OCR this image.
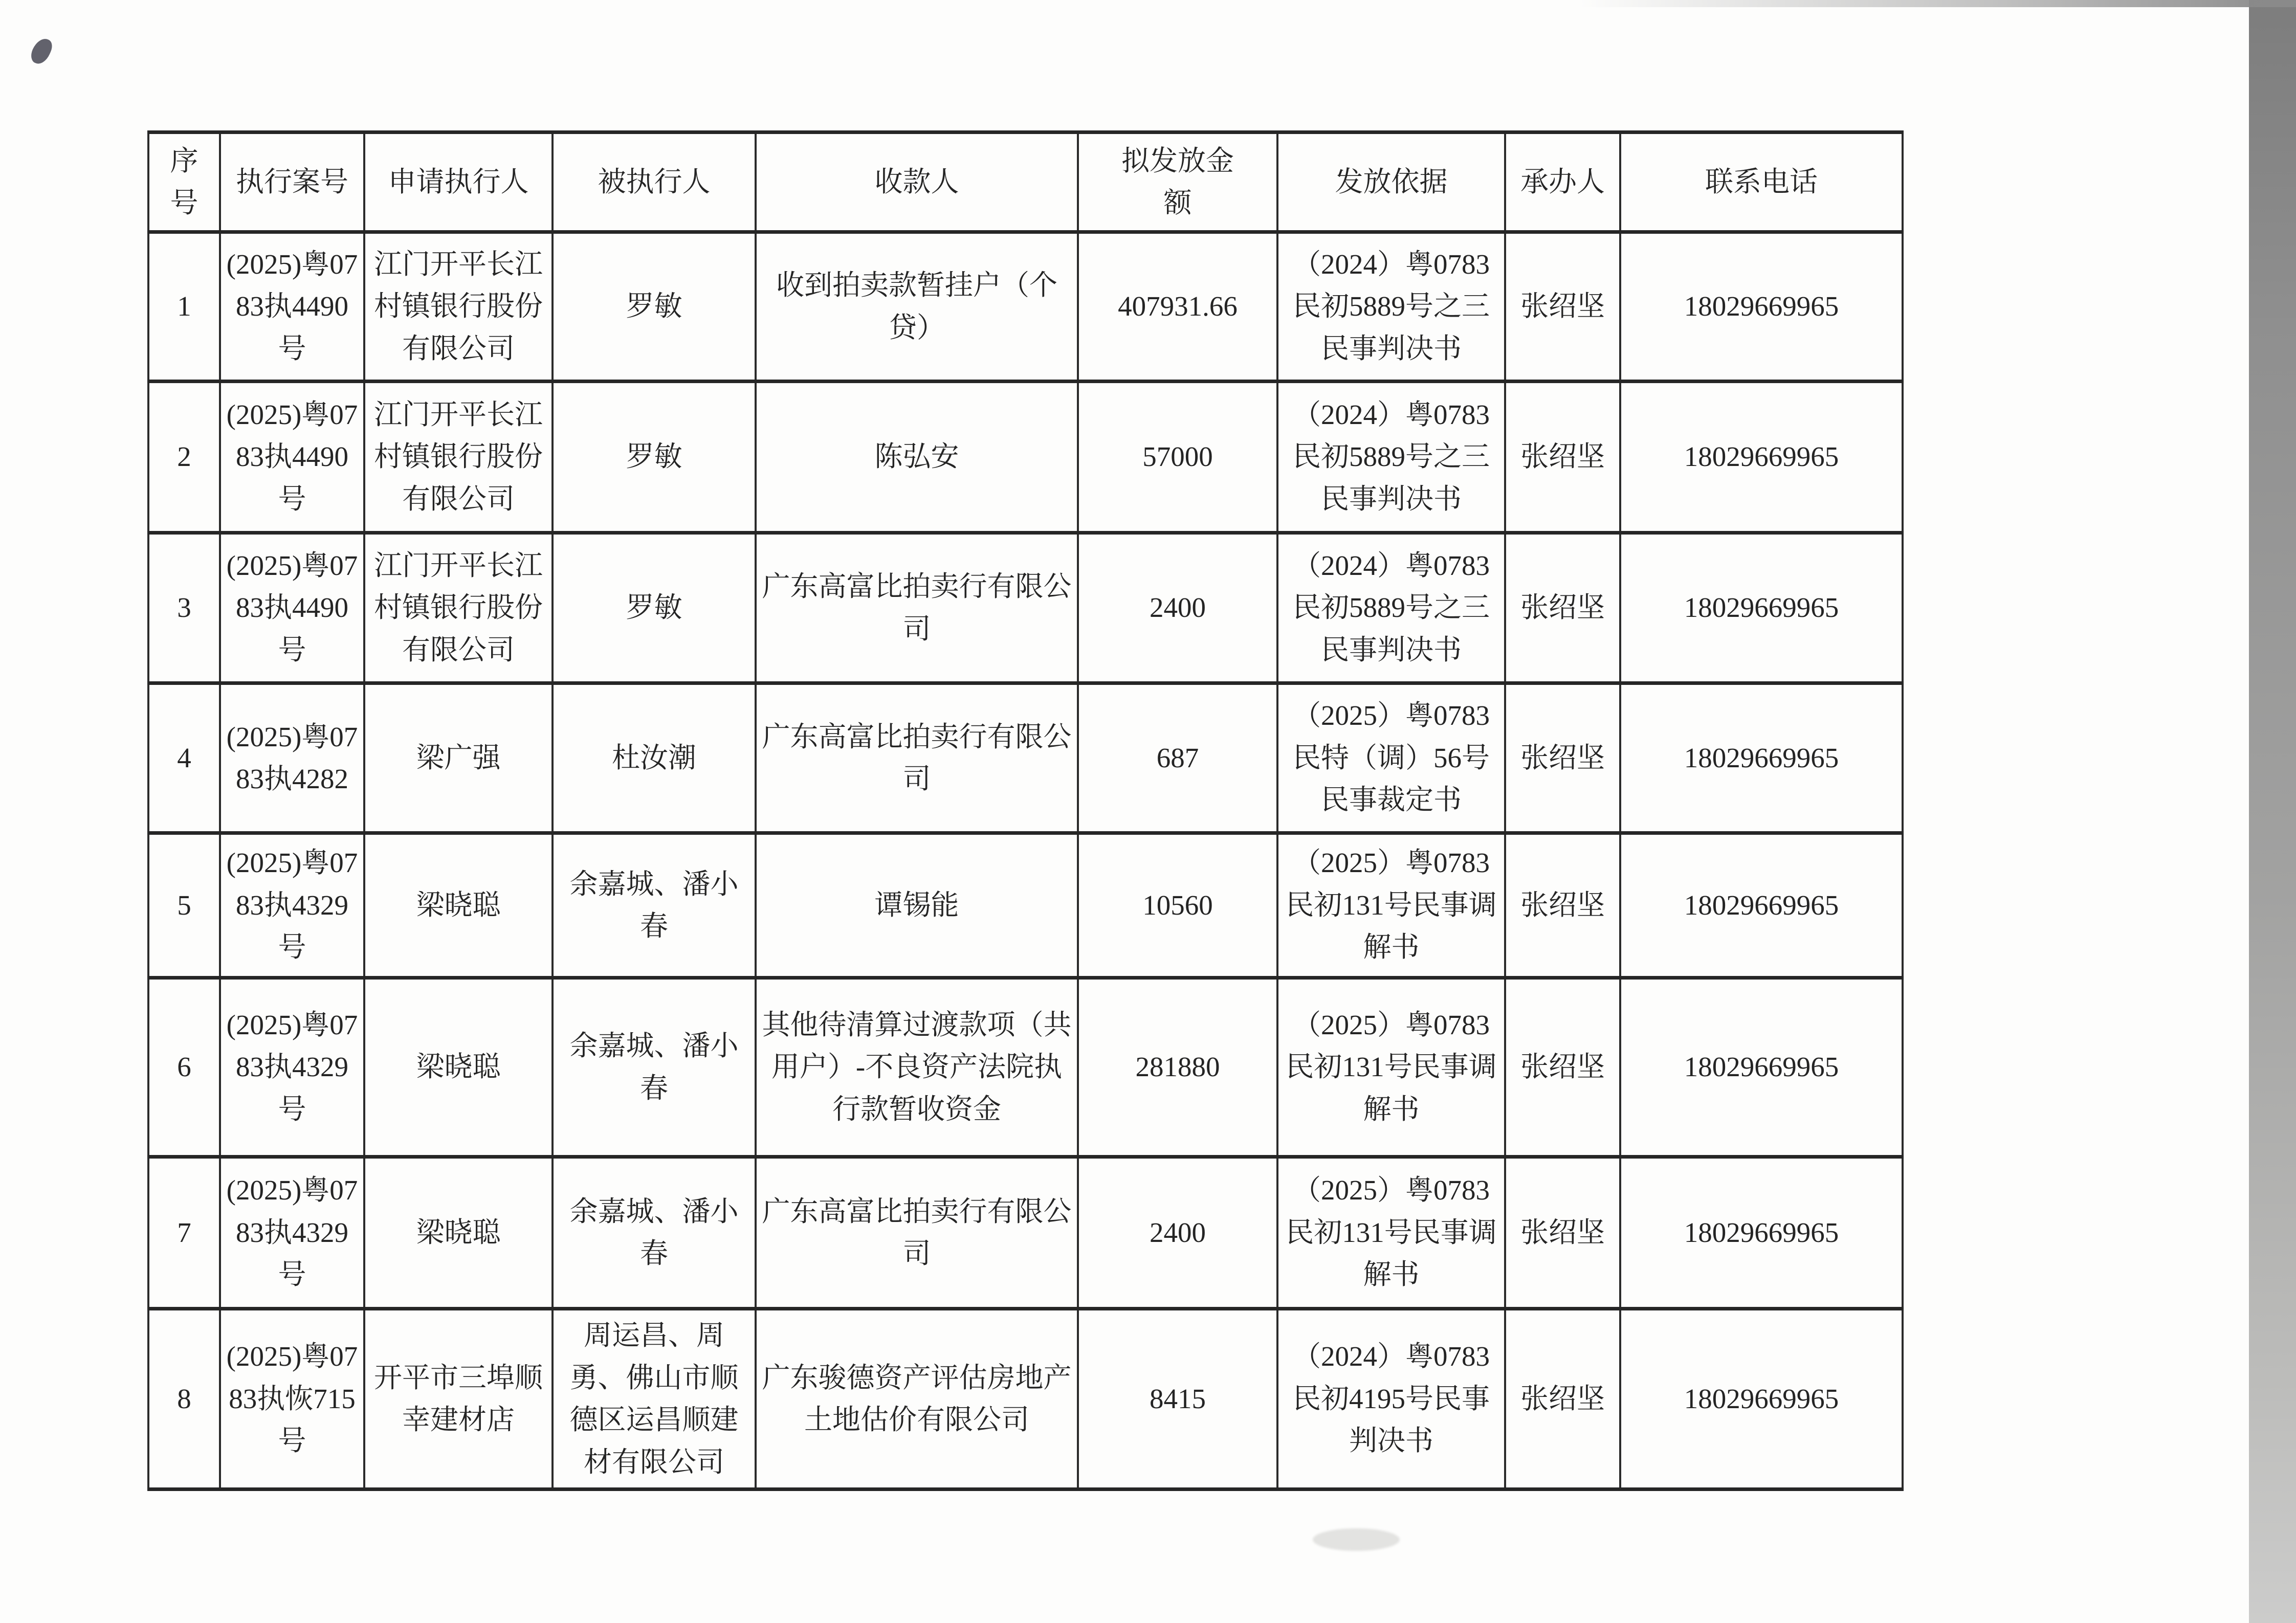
序号	执行案号	申请执行人	被执行人	收款人	拟发放金额	发放依据	承办人	联系电话
1	(2025)粤0783执4490号	江门开平长江村镇银行股份有限公司	罗敏	收到拍卖款暂挂户（个贷）	407931.66	（2024）粤0783民初5889号之三民事判决书	张绍坚	18029669965
2	(2025)粤0783执4490号	江门开平长江村镇银行股份有限公司	罗敏	陈弘安	57000	（2024）粤0783民初5889号之三民事判决书	张绍坚	18029669965
3	(2025)粤0783执4490号	江门开平长江村镇银行股份有限公司	罗敏	广东高富比拍卖行有限公司	2400	（2024）粤0783民初5889号之三民事判决书	张绍坚	18029669965
4	(2025)粤0783执4282	梁广强	杜汝潮	广东高富比拍卖行有限公司	687	（2025）粤0783民特（调）56号民事裁定书	张绍坚	18029669965
5	(2025)粤0783执4329号	梁晓聪	余嘉城、潘小春	谭锡能	10560	（2025）粤0783民初131号民事调解书	张绍坚	18029669965
6	(2025)粤0783执4329号	梁晓聪	余嘉城、潘小春	其他待清算过渡款项（共用户）-不良资产法院执行款暂收资金	281880	（2025）粤0783民初131号民事调解书	张绍坚	18029669965
7	(2025)粤0783执4329号	梁晓聪	余嘉城、潘小春	广东高富比拍卖行有限公司	2400	（2025）粤0783民初131号民事调解书	张绍坚	18029669965
8	(2025)粤0783执恢715号	开平市三埠顺幸建材店	周运昌、周勇、佛山市顺德区运昌顺建材有限公司	广东骏德资产评估房地产土地估价有限公司	8415	（2024）粤0783民初4195号民事判决书	张绍坚	18029669965
